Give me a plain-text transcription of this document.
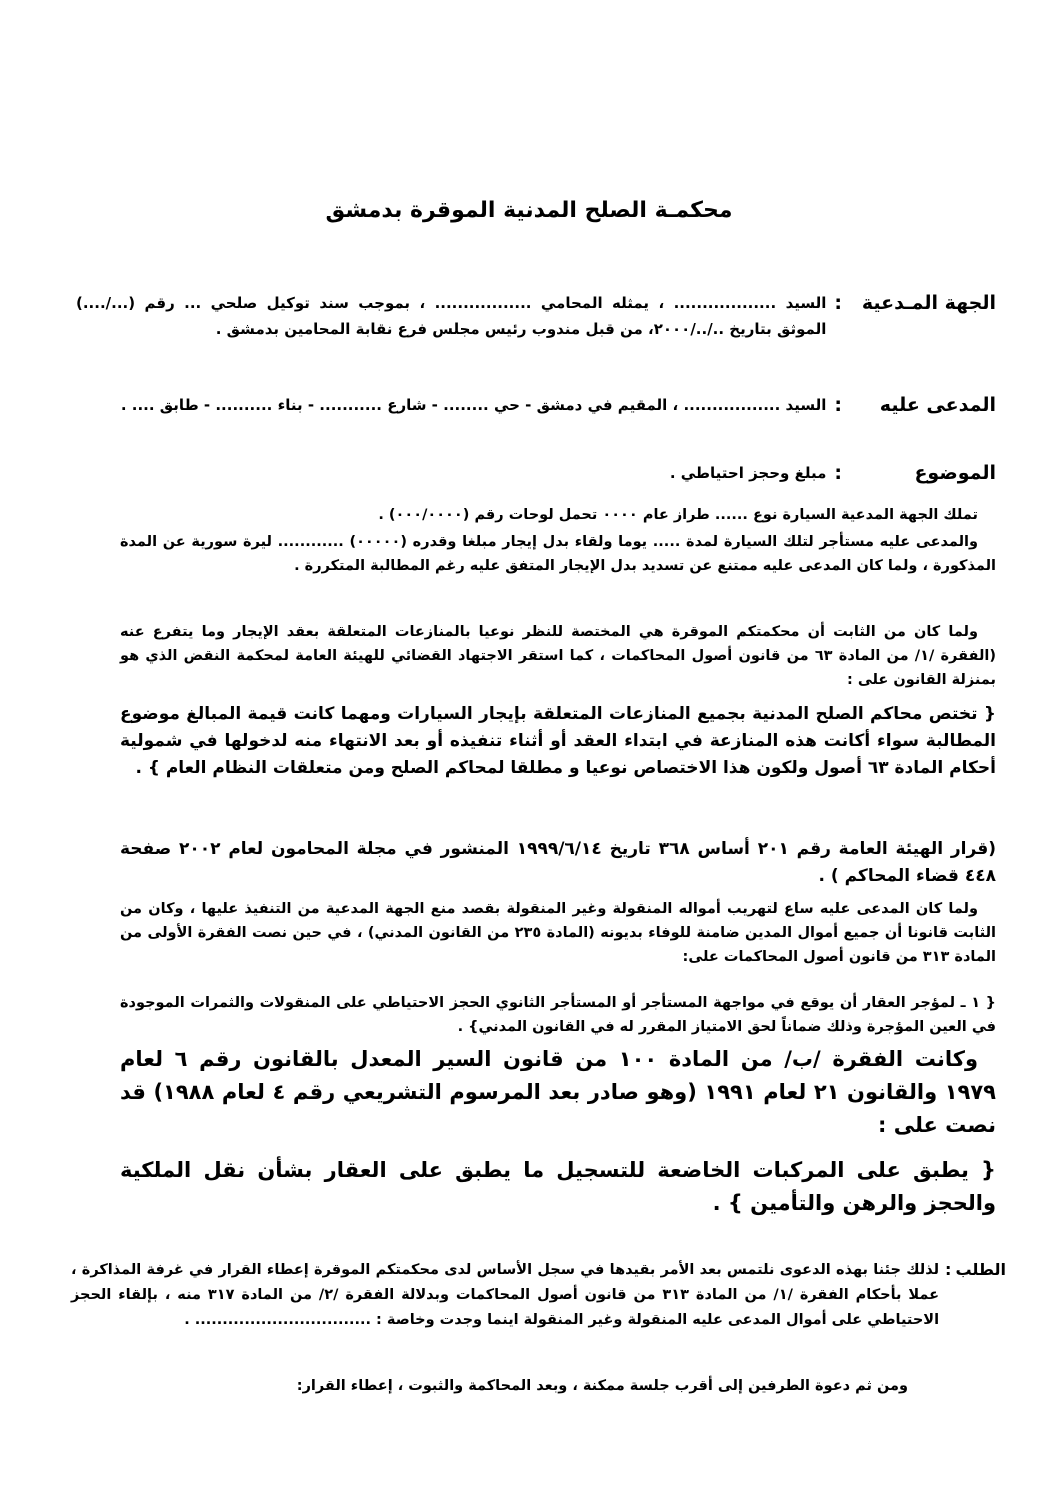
محكمـة الصلح المدنية الموقرة بدمشق
الجهة المـدعية
:
السيد .................. ، يمثله المحامي ................. ، بموجب سند توكيل صلحي ... رقم (.../....) الموثق بتاريخ ../../٢٠٠٠، من قبل مندوب رئيس مجلس فرع نقابة المحامين بدمشق .
المدعى عليه
:
السيد ................. ، المقيم في دمشق - حي ........ - شارع ........... - بناء .......... - طابق .... .
الموضوع
:
مبلغ وحجز احتياطي .

تملك الجهة المدعية السيارة نوع ...... طراز عام ٠٠٠٠ تحمل لوحات رقم (٠٠٠/٠٠٠٠) .

والمدعى عليه مستأجر لتلك السيارة لمدة ..... يوما ولقاء بدل إيجار مبلغا وقدره (٠٠٠٠٠) ............ ليرة سورية عن المدة المذكورة ، ولما كان المدعى عليه ممتنع عن تسديد بدل الإيجار المتفق عليه رغم المطالبة المتكررة .

ولما كان من الثابت أن محكمتكم الموقرة هي المختصة للنظر نوعيا بالمنازعات المتعلقة بعقد الإيجار وما يتفرع عنه (الفقرة /١/ من المادة ٦٣ من قانون أصول المحاكمات ، كما استقر الاجتهاد القضائي للهيئة العامة لمحكمة النقض الذي هو بمنزلة القانون على :

{ تختص محاكم الصلح المدنية بجميع المنازعات المتعلقة بإيجار السيارات ومهما كانت قيمة المبالغ موضوع المطالبة سواء أكانت هذه المنازعة في ابتداء العقد أو أثناء تنفيذه أو بعد الانتهاء منه لدخولها في شمولية أحكام المادة ٦٣ أصول ولكون هذا الاختصاص نوعيا و مطلقا لمحاكم الصلح ومن متعلقات النظام العام } .

(قرار الهيئة العامة رقم ٢٠١ أساس ٣٦٨ تاريخ ١٩٩٩/٦/١٤ المنشور في مجلة المحامون لعام ٢٠٠٢ صفحة ٤٤٨ قضاء المحاكم ) .

ولما كان المدعى عليه ساع لتهريب أمواله المنقولة وغير المنقولة بقصد منع الجهة المدعية من التنفيذ عليها ، وكان من الثابت قانونا أن جميع أموال المدين ضامنة للوفاء بديونه (المادة ٢٣٥ من القانون المدني) ، في حين نصت الفقرة الأولى من المادة ٣١٣ من قانون أصول المحاكمات على:

{ ١ ـ لمؤجر العقار أن يوقع في مواجهة المستأجر أو المستأجر الثانوي الحجز الاحتياطي على المنقولات والثمرات الموجودة في العين المؤجرة وذلك ضماناً لحق الامتياز المقرر له في القانون المدني} .

وكانت الفقرة /ب/ من المادة ١٠٠ من قانون السير المعدل بالقانون رقم ٦ لعام ١٩٧٩ والقانون ٢١ لعام ١٩٩١ (وهو صادر بعد المرسوم التشريعي رقم ٤ لعام ١٩٨٨) قد نصت على :

{ يطبق على المركبات الخاضعة للتسجيل ما يطبق على العقار بشأن نقل الملكية والحجز والرهن والتأمين } .

الطلب
:
لذلك جئنا بهذه الدعوى نلتمس بعد الأمر بقيدها في سجل الأساس لدى محكمتكم الموقرة إعطاء القرار في غرفة المذاكرة ، عملا بأحكام الفقرة /١/ من المادة ٣١٣ من قانون أصول المحاكمات وبدلالة الفقرة /٢/ من المادة ٣١٧ منه ، بإلقاء الحجز الاحتياطي على أموال المدعى عليه المنقولة وغير المنقولة اينما وجدت وخاصة : ................................ .

ومن ثم دعوة الطرفين إلى أقرب جلسة ممكنة ، وبعد المحاكمة والثبوت ، إعطاء القرار:
